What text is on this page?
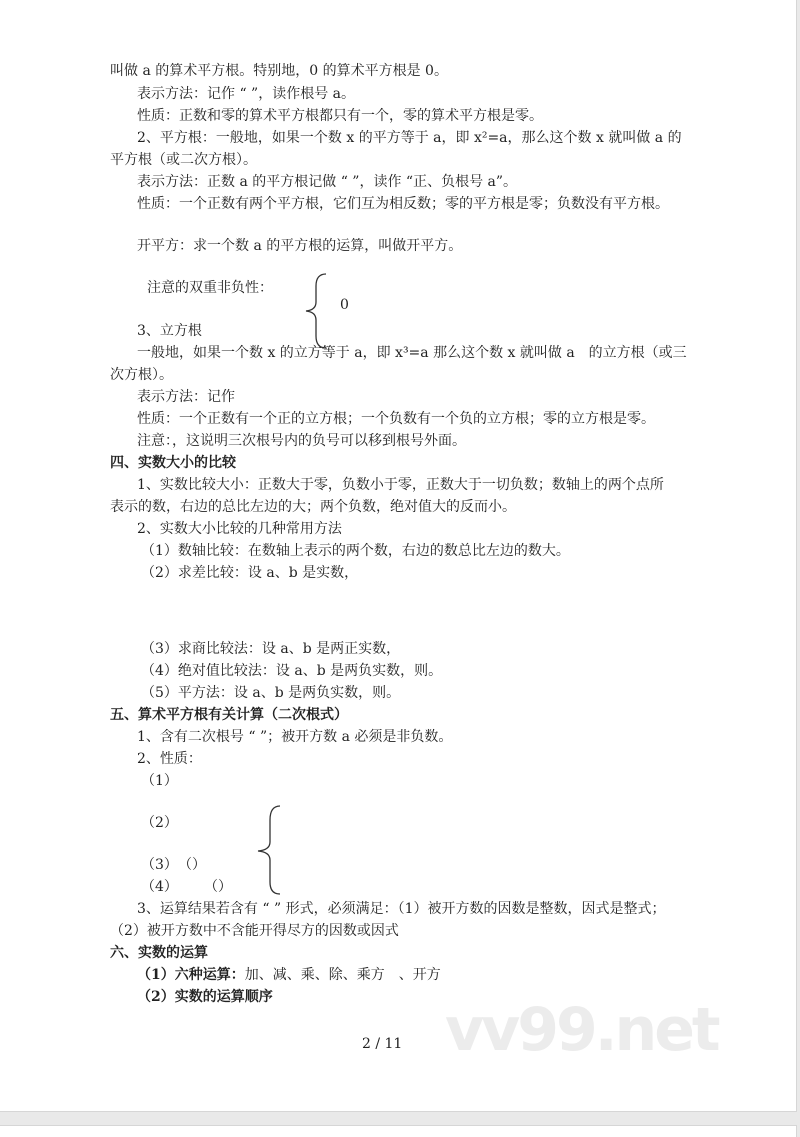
叫做 a 的算术平方根。特别地，0 的算术平方根是 0。
表示方法：记作 “ ”，读作根号 a。
性质：正数和零的算术平方根都只有一个，零的算术平方根是零。
2、平方根：一般地，如果一个数 x 的平方等于 a，即 x²=a，那么这个数 x 就叫做 a 的
平方根（或二次方根）。
表示方法：正数 a 的平方根记做 “ ”，读作 “正、负根号 a”。
性质：一个正数有两个平方根，它们互为相反数；零的平方根是零；负数没有平方根。
开平方：求一个数 a 的平方根的运算，叫做开平方。
注意的双重非负性：
0
3、立方根
一般地，如果一个数 x 的立方等于 a，即 x³=a 那么这个数 x 就叫做 a　的立方根（或三
次方根）。
表示方法：记作
性质：一个正数有一个正的立方根；一个负数有一个负的立方根；零的立方根是零。
注意：，这说明三次根号内的负号可以移到根号外面。
四、实数大小的比较
1、实数比较大小：正数大于零，负数小于零，正数大于一切负数；数轴上的两个点所
表示的数，右边的总比左边的大；两个负数，绝对值大的反而小。
2、实数大小比较的几种常用方法
（1）数轴比较：在数轴上表示的两个数，右边的数总比左边的数大。
（2）求差比较：设 a、b 是实数，
（3）求商比较法：设 a、b 是两正实数，
（4）绝对值比较法：设 a、b 是两负实数，则。
（5）平方法：设 a、b 是两负实数，则。
五、算术平方根有关计算（二次根式）
1、含有二次根号 “ ”；被开方数 a 必须是非负数。
2、性质：
（1）
（2）
（3） （）
（4） （）
3、运算结果若含有 “ ” 形式，必须满足：（1）被开方数的因数是整数，因式是整式；
（2）被开方数中不含能开得尽方的因数或因式
六、实数的运算
（1）六种运算：加、减、乘、除、乘方　、开方
（2）实数的运算顺序	vv99.net
2 / 11
